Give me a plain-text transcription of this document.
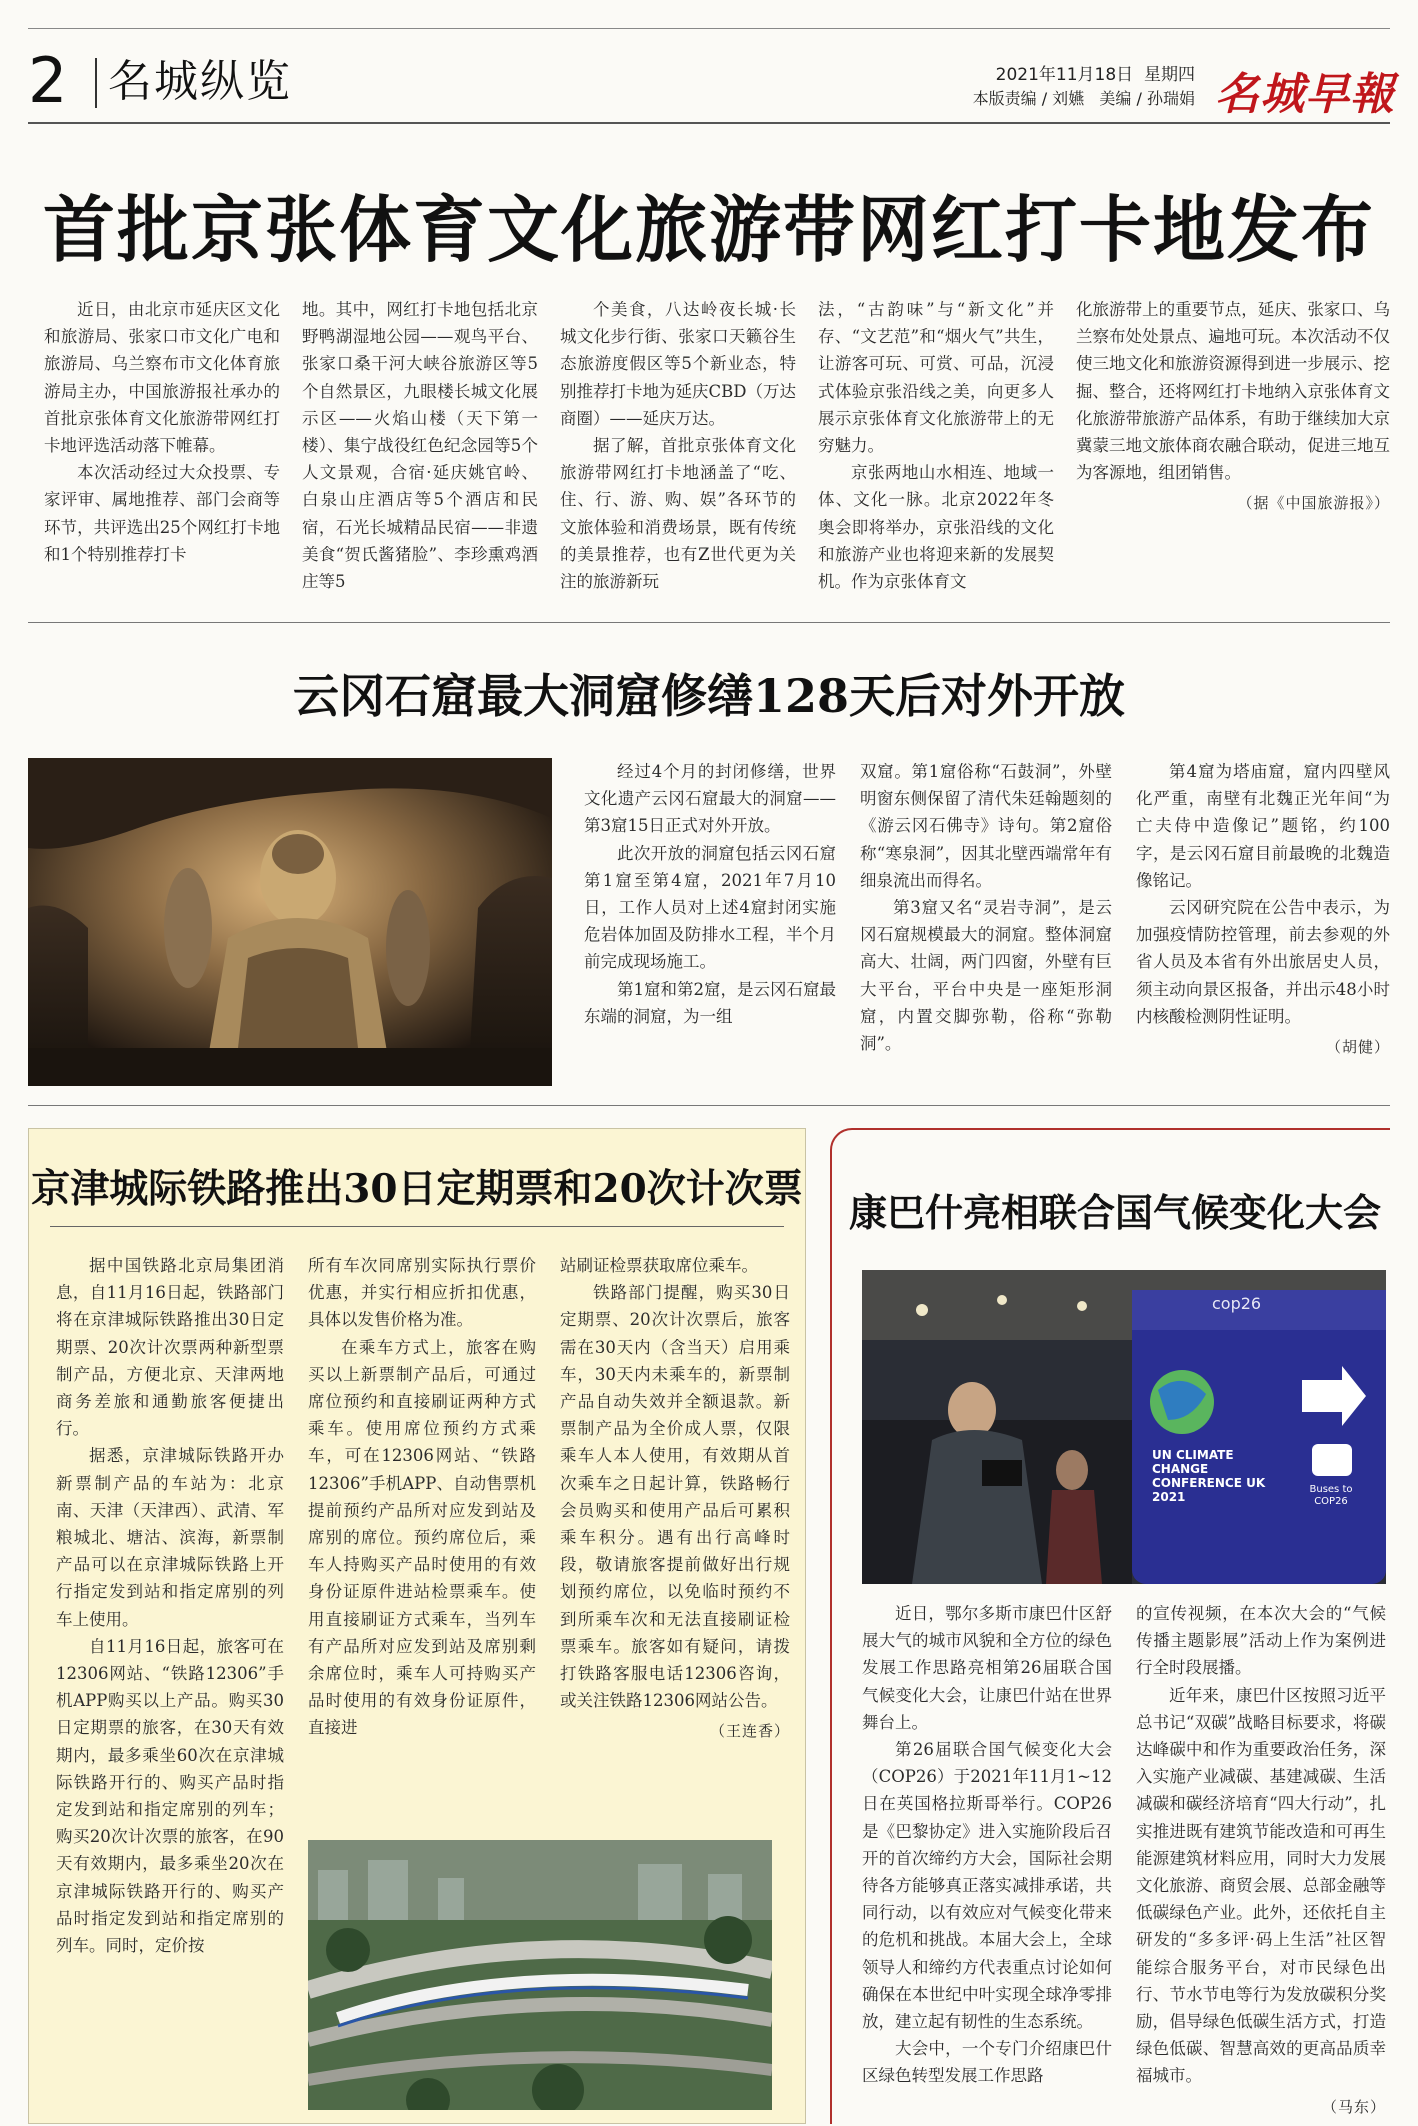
2 名城纵览	2021年11月18日  星期四
本版责编 / 刘嬿   美编 / 孙瑞娟 名城早報
首批京张体育文化旅游带网红打卡地发布

近日，由北京市延庆区文化和旅游局、张家口市文化广电和旅游局、乌兰察布市文化体育旅游局主办，中国旅游报社承办的首批京张体育文化旅游带网红打卡地评选活动落下帷幕。

本次活动经过大众投票、专家评审、属地推荐、部门会商等环节，共评选出25个网红打卡地和1个特别推荐打卡

地。其中，网红打卡地包括北京野鸭湖湿地公园——观鸟平台、张家口桑干河大峡谷旅游区等5个自然景区，九眼楼长城文化展示区——火焰山楼（天下第一楼）、集宁战役红色纪念园等5个人文景观，合宿·延庆姚官岭、白泉山庄酒店等5个酒店和民宿，石光长城精品民宿——非遗美食“贺氏酱猪脸”、李珍熏鸡酒庄等5

个美食，八达岭夜长城·长城文化步行街、张家口天籁谷生态旅游度假区等5个新业态，特别推荐打卡地为延庆CBD（万达商圈）——延庆万达。

据了解，首批京张体育文化旅游带网红打卡地涵盖了“吃、住、行、游、购、娱”各环节的文旅体验和消费场景，既有传统的美景推荐，也有Z世代更为关注的旅游新玩

法，“古韵味”与“新文化”并存、“文艺范”和“烟火气”共生，让游客可玩、可赏、可品，沉浸式体验京张沿线之美，向更多人展示京张体育文化旅游带上的无穷魅力。

京张两地山水相连、地域一体、文化一脉。北京2022年冬奥会即将举办，京张沿线的文化和旅游产业也将迎来新的发展契机。作为京张体育文

化旅游带上的重要节点，延庆、张家口、乌兰察布处处景点、遍地可玩。本次活动不仅使三地文化和旅游资源得到进一步展示、挖掘、整合，还将网红打卡地纳入京张体育文化旅游带旅游产品体系，有助于继续加大京冀蒙三地文旅体商农融合联动，促进三地互为客源地，组团销售。

（据《中国旅游报》）
云冈石窟最大洞窟修缮128天后对外开放

经过4个月的封闭修缮，世界文化遗产云冈石窟最大的洞窟——第3窟15日正式对外开放。

此次开放的洞窟包括云冈石窟第1窟至第4窟，2021年7月10日，工作人员对上述4窟封闭实施危岩体加固及防排水工程，半个月前完成现场施工。

第1窟和第2窟，是云冈石窟最东端的洞窟，为一组

双窟。第1窟俗称“石鼓洞”，外壁明窗东侧保留了清代朱廷翰题刻的《游云冈石佛寺》诗句。第2窟俗称“寒泉洞”，因其北壁西端常年有细泉流出而得名。

第3窟又名“灵岩寺洞”，是云冈石窟规模最大的洞窟。整体洞窟高大、壮阔，两门四窗，外壁有巨大平台，平台中央是一座矩形洞窟，内置交脚弥勒，俗称“弥勒洞”。

第4窟为塔庙窟，窟内四壁风化严重，南壁有北魏正光年间“为亡夫侍中造像记”题铭，约100字，是云冈石窟目前最晚的北魏造像铭记。

云冈研究院在公告中表示，为加强疫情防控管理，前去参观的外省人员及本省有外出旅居史人员，须主动向景区报备，并出示48小时内核酸检测阴性证明。

（胡健）
京津城际铁路推出30日定期票和20次计次票

据中国铁路北京局集团消息，自11月16日起，铁路部门将在京津城际铁路推出30日定期票、20次计次票两种新型票制产品，方便北京、天津两地商务差旅和通勤旅客便捷出行。

据悉，京津城际铁路开办新票制产品的车站为：北京南、天津（天津西）、武清、军粮城北、塘沽、滨海，新票制产品可以在京津城际铁路上开行指定发到站和指定席别的列车上使用。

自11月16日起，旅客可在12306网站、“铁路12306”手机APP购买以上产品。购买30日定期票的旅客，在30天有效期内，最多乘坐60次在京津城际铁路开行的、购买产品时指定发到站和指定席别的列车；购买20次计次票的旅客，在90天有效期内，最多乘坐20次在京津城际铁路开行的、购买产品时指定发到站和指定席别的列车。同时，定价按

所有车次同席别实际执行票价优惠，并实行相应折扣优惠，具体以发售价格为准。

在乘车方式上，旅客在购买以上新票制产品后，可通过席位预约和直接刷证两种方式乘车。使用席位预约方式乘车，可在12306网站、“铁路12306”手机APP、自动售票机提前预约产品所对应发到站及席别的席位。预约席位后，乘车人持购买产品时使用的有效身份证原件进站检票乘车。使用直接刷证方式乘车，当列车有产品所对应发到站及席别剩余席位时，乘车人可持购买产品时使用的有效身份证原件，直接进

站刷证检票获取席位乘车。

铁路部门提醒，购买30日定期票、20次计次票后，旅客需在30天内（含当天）启用乘车，30天内未乘车的，新票制产品自动失效并全额退款。新票制产品为全价成人票，仅限乘车人本人使用，有效期从首次乘车之日起计算，铁路畅行会员购买和使用产品后可累积乘车积分。遇有出行高峰时段，敬请旅客提前做好出行规划预约席位，以免临时预约不到所乘车次和无法直接刷证检票乘车。旅客如有疑问，请拨打铁路客服电话12306咨询，或关注铁路12306网站公告。

（王连香）
康巴什亮相联合国气候变化大会
cop26
UN CLIMATE CHANGE CONFERENCE UK 2021
Buses to COP26

近日，鄂尔多斯市康巴什区舒展大气的城市风貌和全方位的绿色发展工作思路亮相第26届联合国气候变化大会，让康巴什站在世界舞台上。

第26届联合国气候变化大会（COP26）于2021年11月1~12日在英国格拉斯哥举行。COP26是《巴黎协定》进入实施阶段后召开的首次缔约方大会，国际社会期待各方能够真正落实减排承诺，共同行动，以有效应对气候变化带来的危机和挑战。本届大会上，全球领导人和缔约方代表重点讨论如何确保在本世纪中叶实现全球净零排放，建立起有韧性的生态系统。

大会中，一个专门介绍康巴什区绿色转型发展工作思路

的宣传视频，在本次大会的“气候传播主题影展”活动上作为案例进行全时段展播。

近年来，康巴什区按照习近平总书记“双碳”战略目标要求，将碳达峰碳中和作为重要政治任务，深入实施产业减碳、基建减碳、生活减碳和碳经济培育“四大行动”，扎实推进既有建筑节能改造和可再生能源建筑材料应用，同时大力发展文化旅游、商贸会展、总部金融等低碳绿色产业。此外，还依托自主研发的“多多评·码上生活”社区智能综合服务平台，对市民绿色出行、节水节电等行为发放碳积分奖励，倡导绿色低碳生活方式，打造绿色低碳、智慧高效的更高品质幸福城市。

（马东）
